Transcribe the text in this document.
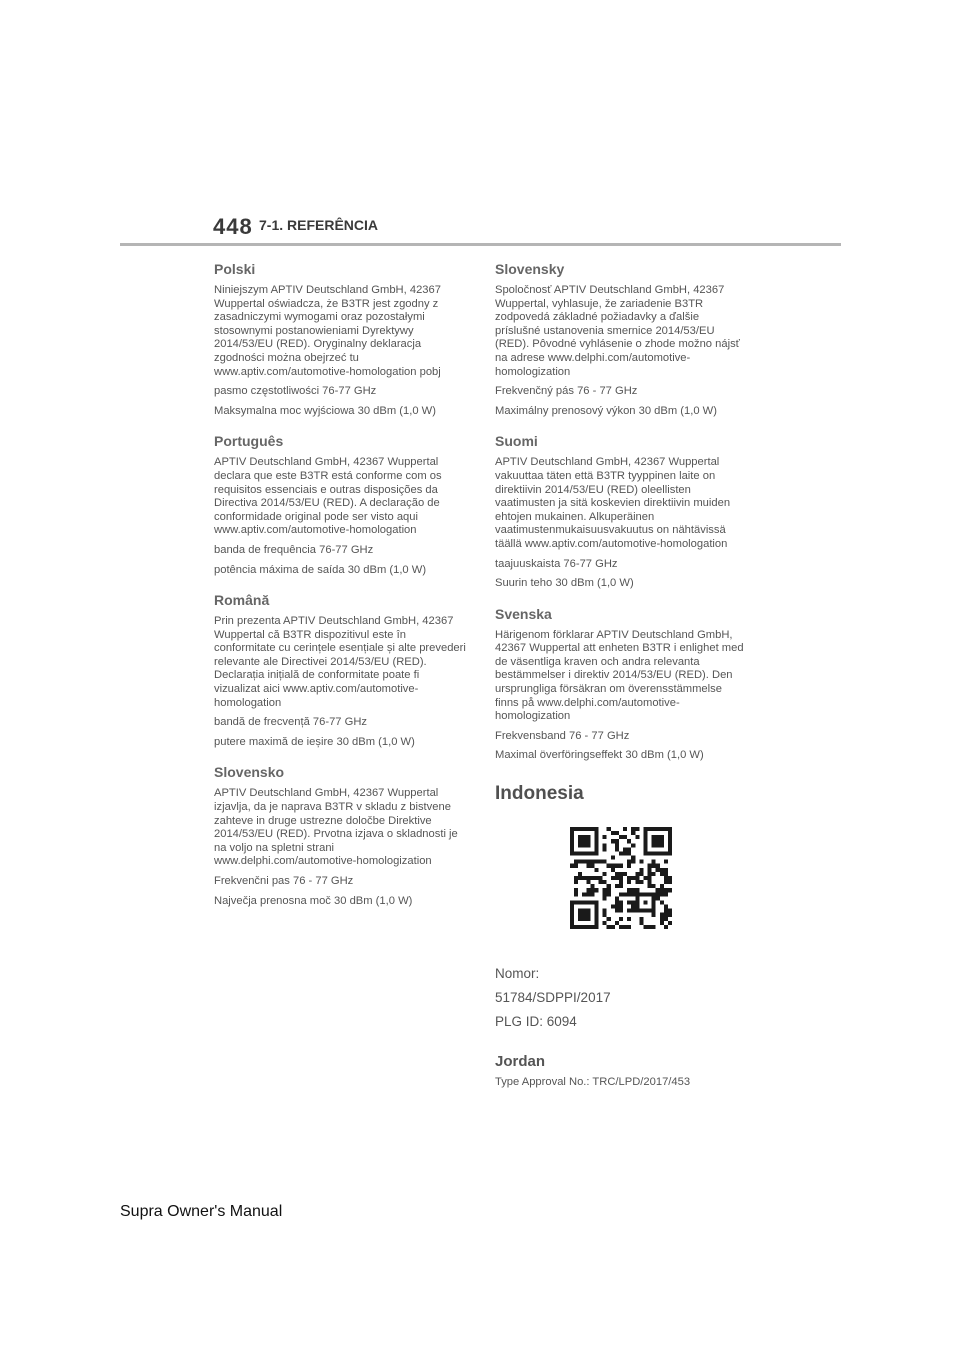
448 7-1. REFERÊNCIA
Polski

Niniejszym APTIV Deutschland GmbH, 42367 Wuppertal oświadcza, że B3TR jest zgodny z zasadniczymi wymogami oraz pozostałymi stosownymi postanowieniami Dyrektywy 2014/53/EU (RED). Oryginalny deklaracja zgodności można obejrzeć tu www.aptiv.com/automotive-homologation pobj

pasmo częstotliwości 76-77 GHz

Maksymalna moc wyjściowa 30 dBm (1,0 W)

Português

APTIV Deutschland GmbH, 42367 Wuppertal declara que este B3TR está conforme com os requisitos essenciais e outras disposições da Directiva 2014/53/EU (RED). A declaração de conformidade original pode ser visto aqui www.aptiv.com/automotive-homologation

banda de frequência 76-77 GHz

potência máxima de saída 30 dBm (1,0 W)

Română

Prin prezenta APTIV Deutschland GmbH, 42367 Wuppertal că B3TR dispozitivul este în conformitate cu cerințele esențiale și alte prevederi relevante ale Directivei 2014/53/EU (RED). Declarația inițială de conformitate poate fi vizualizat aici www.aptiv.com/automotive-homologation

bandă de frecvență 76-77 GHz

putere maximă de ieșire 30 dBm (1,0 W)

Slovensko

APTIV Deutschland GmbH, 42367 Wuppertal izjavlja, da je naprava B3TR v skladu z bistvene zahteve in druge ustrezne določbe Direktive 2014/53/EU (RED). Prvotna izjava o skladnosti je na voljo na spletni strani www.delphi.com/automotive-homologization

Frekvenčni pas 76 - 77 GHz

Največja prenosna moč 30 dBm (1,0 W)

Slovensky

Spoločnosť APTIV Deutschland GmbH, 42367 Wuppertal, vyhlasuje, že zariadenie B3TR zodpovedá základné požiadavky a ďalšie príslušné ustanovenia smernice 2014/53/EU (RED). Pôvodné vyhlásenie o zhode možno nájsť na adrese www.delphi.com/automotive-homologization

Frekvenčný pás 76 - 77 GHz

Maximálny prenosový výkon 30 dBm (1,0 W)

Suomi

APTIV Deutschland GmbH, 42367 Wuppertal vakuuttaa täten että B3TR tyyppinen laite on direktiivin 2014/53/EU (RED) oleellisten vaatimusten ja sitä koskevien direktiivin muiden ehtojen mukainen. Alkuperäinen vaatimustenmukaisuusvakuutus on nähtävissä täällä www.aptiv.com/automotive-homologation

taajuuskaista 76-77 GHz

Suurin teho 30 dBm (1,0 W)

Svenska

Härigenom förklarar APTIV Deutschland GmbH, 42367 Wuppertal att enheten B3TR i enlighet med de väsentliga kraven och andra relevanta bestämmelser i direktiv 2014/53/EU (RED). Den ursprungliga försäkran om överensstämmelse finns på www.delphi.com/automotive-homologization

Frekvensband 76 - 77 GHz

Maximal överföringseffekt 30 dBm (1,0 W)

Indonesia
Nomor:
51784/SDPPI/2017
PLG ID: 6094
Jordan

Type Approval No.: TRC/LPD/2017/453

Supra Owner's Manual
